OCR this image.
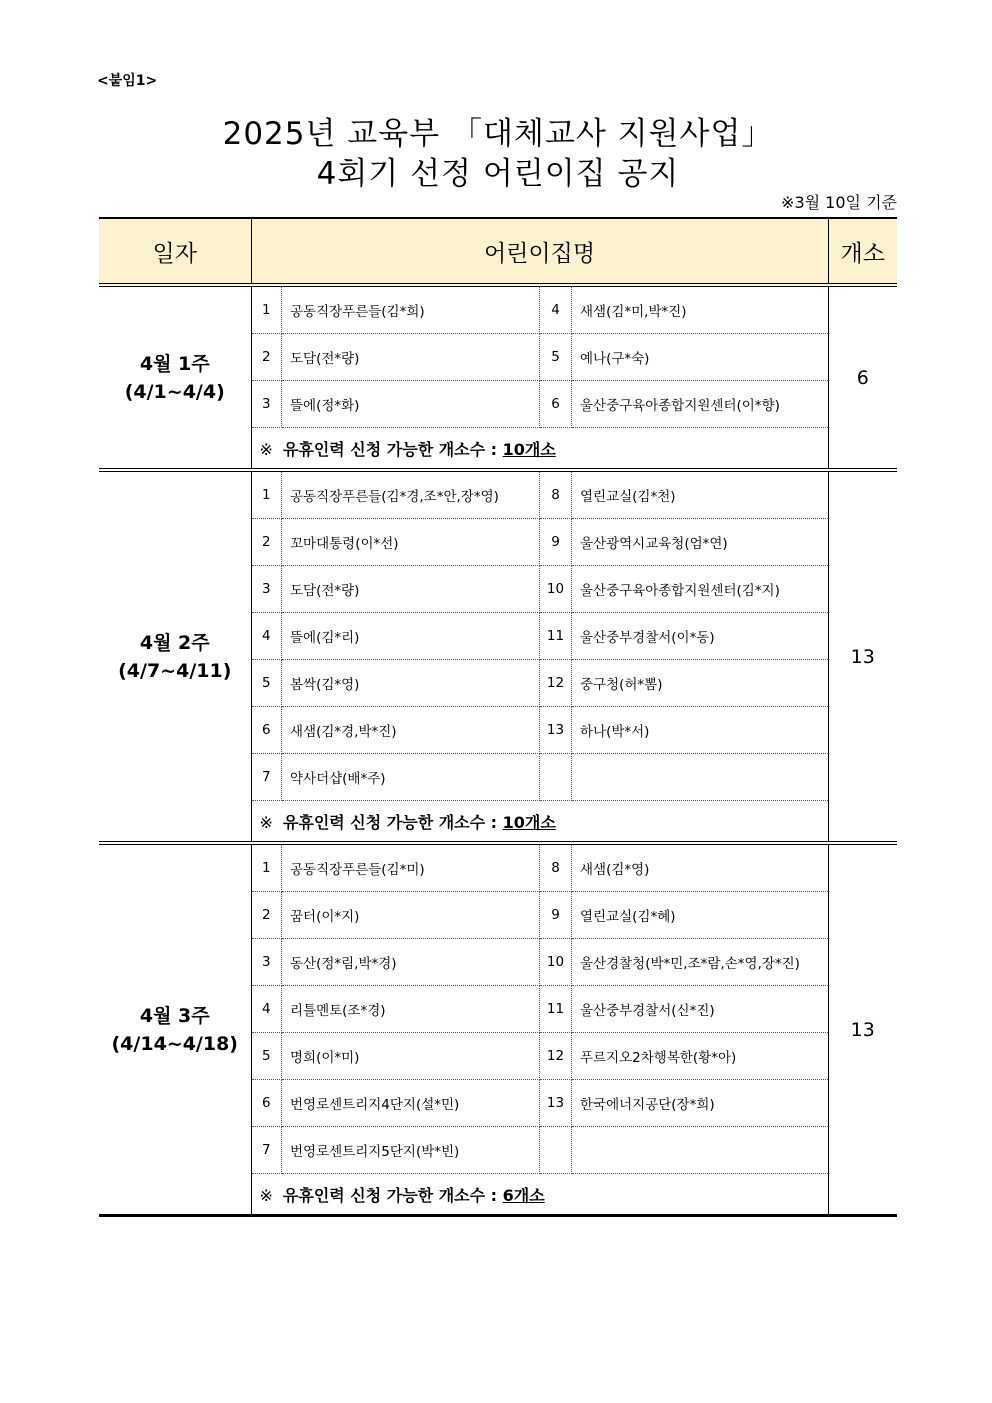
<붙임1>
2025년 교육부 「대체교사 지원사업」
4회기 선정 어린이집 공지
※3월 10일 기준
일자	어린이집명	개소

4월 1주
(4/1~4/4)

1	공동직장푸른들(김*희)	4	새샘(김*미,박*진)
2	도담(전*량)	5	예나(구*숙)
3	뜰에(정*화)	6	울산중구육아종합지원센터(이*향)
※ 유휴인력 신청 가능한 개소수 : 10개소
	6

4월 2주
(4/7~4/11)

1	공동직장푸른들(김*경,조*안,장*영)	8	열린교실(김*천)
2	꼬마대통령(이*선)	9	울산광역시교육청(엄*연)
3	도담(전*량)	10	울산중구육아종합지원센터(김*지)
4	뜰에(김*리)	11	울산중부경찰서(이*동)
5	봄싹(김*영)	12	중구청(허*뽐)
6	새샘(김*경,박*진)	13	하나(박*서)
7	약사더샵(배*주)		
※ 유휴인력 신청 가능한 개소수 : 10개소
	13

4월 3주
(4/14~4/18)

1	공동직장푸른들(김*미)	8	새샘(김*영)
2	꿈터(이*지)	9	열린교실(김*혜)
3	동산(정*림,박*경)	10	울산경찰청(박*민,조*람,손*영,장*진)
4	리틀멘토(조*경)	11	울산중부경찰서(신*진)
5	명희(이*미)	12	푸르지오2차행복한(황*아)
6	번영로센트리지4단지(설*민)	13	한국에너지공단(장*희)
7	번영로센트리지5단지(박*빈)		
※ 유휴인력 신청 가능한 개소수 : 6개소
	13
